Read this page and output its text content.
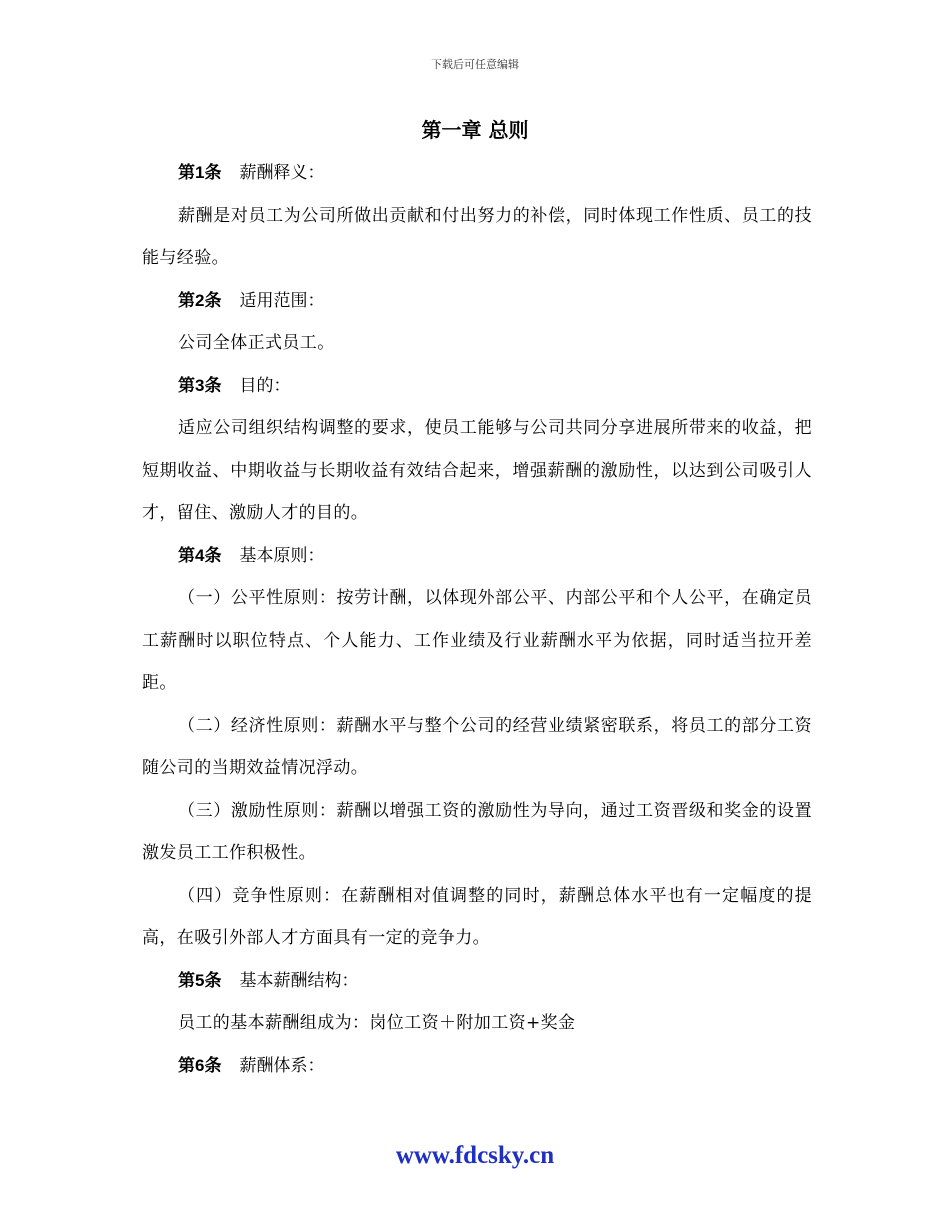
下载后可任意编辑
第一章 总则

第1条 薪酬释义：

薪酬是对员工为公司所做出贡献和付出努力的补偿，同时体现工作性质、员工的技能与经验。

第2条 适用范围：

公司全体正式员工。

第3条 目的：

适应公司组织结构调整的要求，使员工能够与公司共同分享进展所带来的收益，把短期收益、中期收益与长期收益有效结合起来，增强薪酬的激励性，以达到公司吸引人才，留住、激励人才的目的。

第4条 基本原则：

（一）公平性原则：按劳计酬，以体现外部公平、内部公平和个人公平，在确定员工薪酬时以职位特点、个人能力、工作业绩及行业薪酬水平为依据，同时适当拉开差距。

（二）经济性原则：薪酬水平与整个公司的经营业绩紧密联系，将员工的部分工资随公司的当期效益情况浮动。

（三）激励性原则：薪酬以增强工资的激励性为导向，通过工资晋级和奖金的设置激发员工工作积极性。

（四）竞争性原则：在薪酬相对值调整的同时，薪酬总体水平也有一定幅度的提高，在吸引外部人才方面具有一定的竞争力。

第5条 基本薪酬结构：

员工的基本薪酬组成为：岗位工资＋附加工资+奖金

第6条 薪酬体系：

www.fdcsky.cn
